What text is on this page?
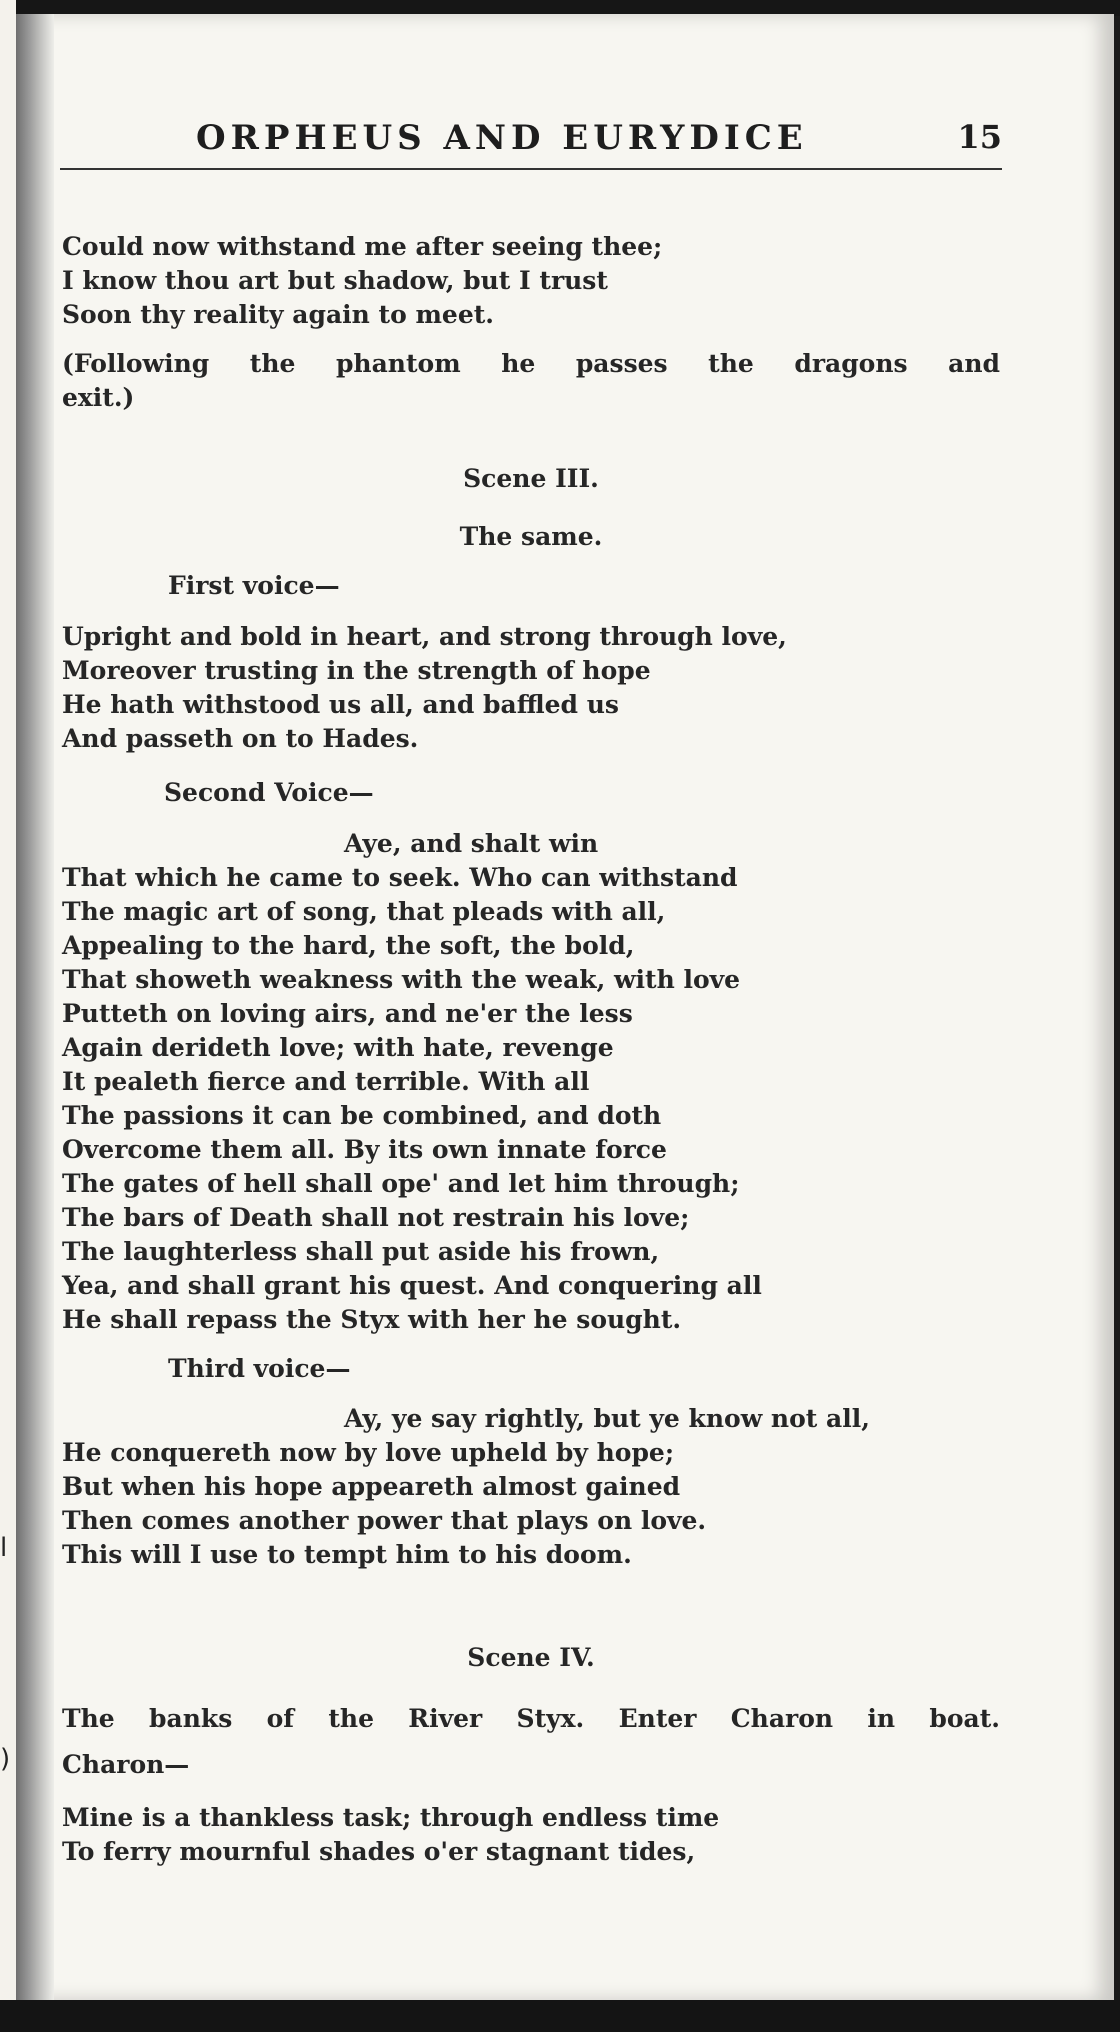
l
)
ORPHEUS AND EURYDICE	15
Could now withstand me after seeing thee;
I know thou art but shadow, but I trust
Soon thy reality again to meet.
(Following the phantom he passes the dragons and
exit.)
Scene III.
The same.
First voice—
Upright and bold in heart, and strong through love,
Moreover trusting in the strength of hope
He hath withstood us all, and baffled us
And passeth on to Hades.
Second Voice—
Aye, and shalt win
That which he came to seek. Who can withstand
The magic art of song, that pleads with all,
Appealing to the hard, the soft, the bold,
That showeth weakness with the weak, with love
Putteth on loving airs, and ne'er the less
Again derideth love; with hate, revenge
It pealeth fierce and terrible. With all
The passions it can be combined, and doth
Overcome them all. By its own innate force
The gates of hell shall ope' and let him through;
The bars of Death shall not restrain his love;
The laughterless shall put aside his frown,
Yea, and shall grant his quest. And conquering all
He shall repass the Styx with her he sought.
Third voice—
Ay, ye say rightly, but ye know not all,
He conquereth now by love upheld by hope;
But when his hope appeareth almost gained
Then comes another power that plays on love.
This will I use to tempt him to his doom.
Scene IV.
The banks of the River Styx. Enter Charon in boat.
Charon—
Mine is a thankless task; through endless time
To ferry mournful shades o'er stagnant tides,
